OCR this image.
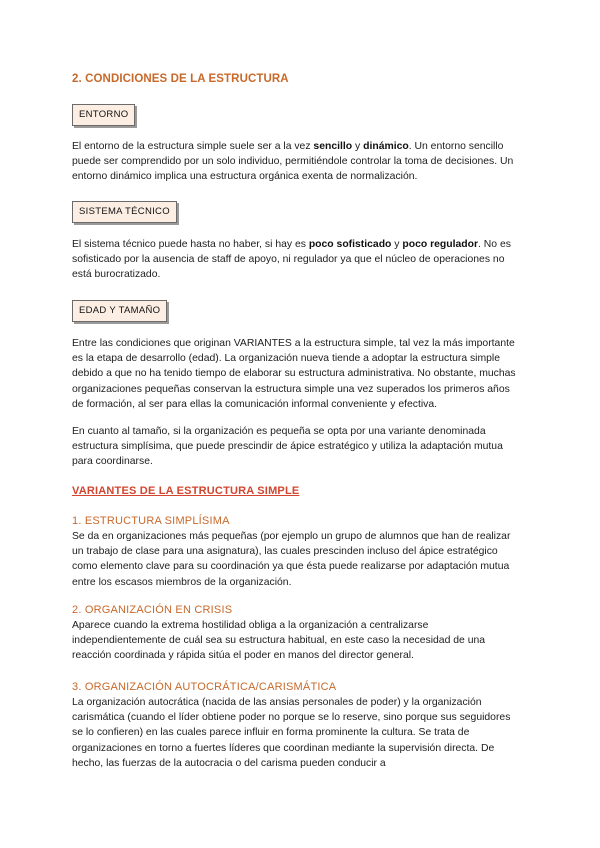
2. CONDICIONES DE LA ESTRUCTURA
ENTORNO

El entorno de la estructura simple suele ser a la vez sencillo y dinámico. Un entorno sencillo puede ser comprendido por un solo individuo, permitiéndole controlar la toma de decisiones. Un entorno dinámico implica una estructura orgánica exenta de normalización.

SISTEMA TÉCNICO

El sistema técnico puede hasta no haber, si hay es poco sofisticado y poco regulador. No es sofisticado por la ausencia de staff de apoyo, ni regulador ya que el núcleo de operaciones no está burocratizado.

EDAD Y TAMAÑO

Entre las condiciones que originan VARIANTES a la estructura simple, tal vez la más importante es la etapa de desarrollo (edad). La organización nueva tiende a adoptar la estructura simple debido a que no ha tenido tiempo de elaborar su estructura administrativa. No obstante, muchas organizaciones pequeñas conservan la estructura simple una vez superados los primeros años de formación, al ser para ellas la comunicación informal conveniente y efectiva.

En cuanto al tamaño, si la organización es pequeña se opta por una variante denominada estructura simplísima, que puede prescindir de ápice estratégico y utiliza la adaptación mutua para coordinarse.

VARIANTES DE LA ESTRUCTURA SIMPLE
1. ESTRUCTURA SIMPLÍSIMA

Se da en organizaciones más pequeñas (por ejemplo un grupo de alumnos que han de realizar un trabajo de clase para una asignatura), las cuales prescinden incluso del ápice estratégico como elemento clave para su coordinación ya que ésta puede realizarse por adaptación mutua entre los escasos miembros de la organización.

2. ORGANIZACIÓN EN CRISIS

Aparece cuando la extrema hostilidad obliga a la organización a centralizarse independientemente de cuál sea su estructura habitual, en este caso la necesidad de una reacción coordinada y rápida sitúa el poder en manos del director general.

3. ORGANIZACIÓN AUTOCRÁTICA/CARISMÁTICA

La organización autocrática (nacida de las ansias personales de poder) y la organización carismática (cuando el líder obtiene poder no porque se lo reserve, sino porque sus seguidores se lo confieren) en las cuales parece influir en forma prominente la cultura. Se trata de organizaciones en torno a fuertes líderes que coordinan mediante la supervisión directa. De hecho, las fuerzas de la autocracia o del carisma pueden conducir a
